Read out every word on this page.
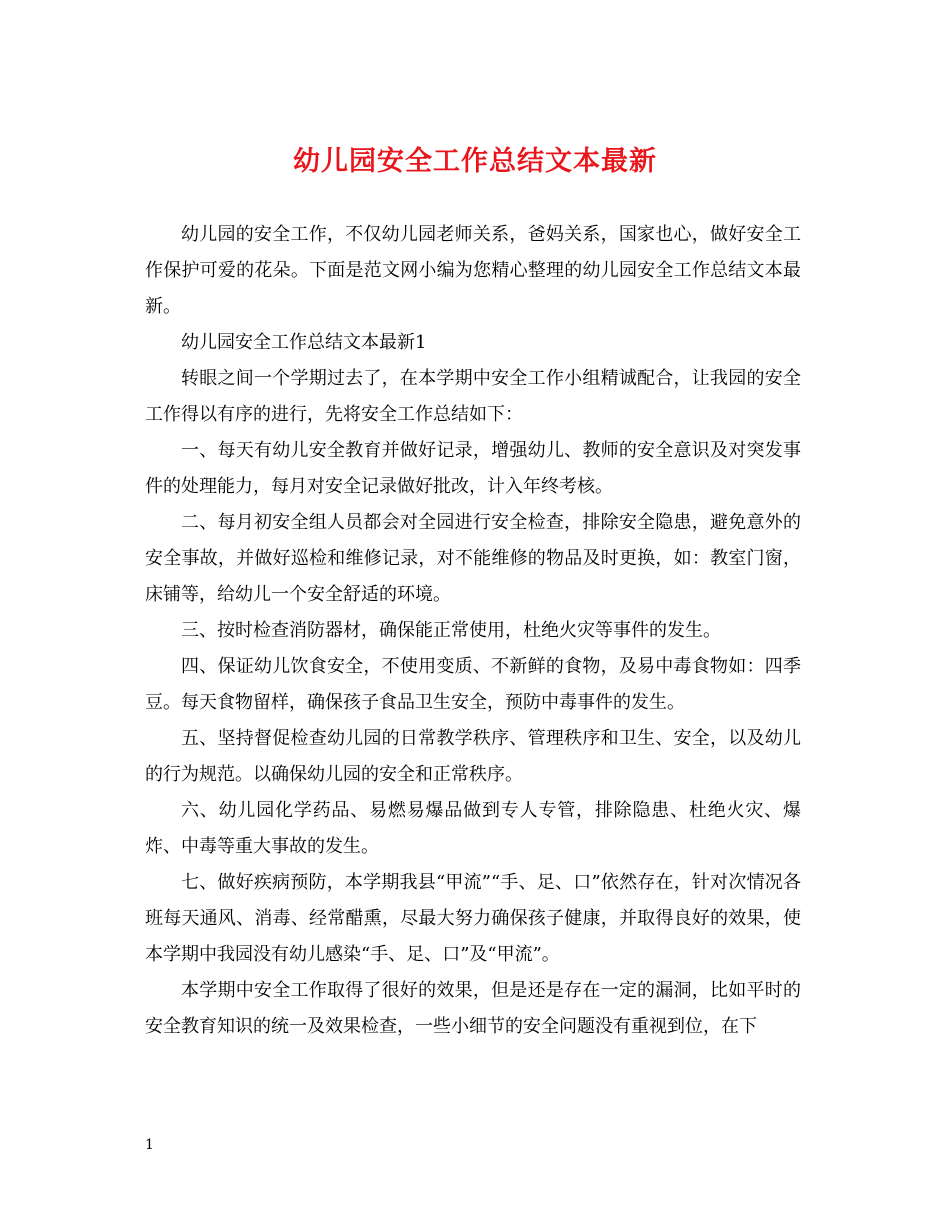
幼儿园安全工作总结文本最新

幼儿园的安全工作，不仅幼儿园老师关系，爸妈关系，国家也心，做好安全工作保护可爱的花朵。下面是范文网小编为您精心整理的幼儿园安全工作总结文本最新。

幼儿园安全工作总结文本最新1

转眼之间一个学期过去了，在本学期中安全工作小组精诚配合，让我园的安全工作得以有序的进行，先将安全工作总结如下：

一、每天有幼儿安全教育并做好记录，增强幼儿、教师的安全意识及对突发事件的处理能力，每月对安全记录做好批改，计入年终考核。

二、每月初安全组人员都会对全园进行安全检查，排除安全隐患，避免意外的安全事故，并做好巡检和维修记录，对不能维修的物品及时更换，如：教室门窗，床铺等，给幼儿一个安全舒适的环境。

三、按时检查消防器材，确保能正常使用，杜绝火灾等事件的发生。

四、保证幼儿饮食安全，不使用变质、不新鲜的食物，及易中毒食物如：四季豆。每天食物留样，确保孩子食品卫生安全，预防中毒事件的发生。

五、坚持督促检查幼儿园的日常教学秩序、管理秩序和卫生、安全，以及幼儿的行为规范。以确保幼儿园的安全和正常秩序。

六、幼儿园化学药品、易燃易爆品做到专人专管，排除隐患、杜绝火灾、爆炸、中毒等重大事故的发生。

七、做好疾病预防，本学期我县“甲流”“手、足、口”依然存在，针对次情况各班每天通风、消毒、经常醋熏，尽最大努力确保孩子健康，并取得良好的效果，使本学期中我园没有幼儿感染“手、足、口”及“甲流”。

本学期中安全工作取得了很好的效果，但是还是存在一定的漏洞，比如平时的安全教育知识的统一及效果检查，一些小细节的安全问题没有重视到位，在下

1
